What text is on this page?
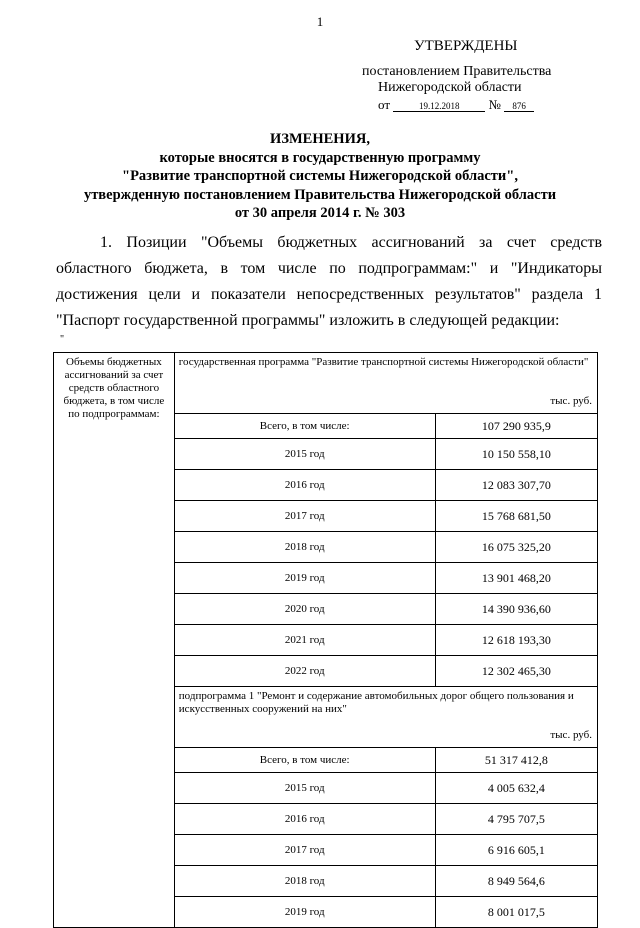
1
УТВЕРЖДЕНЫ
постановлением Правительства
Нижегородской области
от	19.12.2018 № 876
ИЗМЕНЕНИЯ,
которые вносятся в государственную программу
"Развитие транспортной системы Нижегородской области",
утвержденную постановлением Правительства Нижегородской области
от 30 апреля 2014 г. № 303
1. Позиции "Объемы бюджетных ассигнований за счет средств областного бюджета, в том числе по подпрограммам:" и "Индикаторы достижения цели и показатели непосредственных результатов" раздела 1 "Паспорт государственной программы" изложить в следующей редакции:
"
Объемы бюджетных ассигнований за счет средств областного бюджета, в том числе по подпрограммам:	государственная программа "Развитие транспортной системы Нижегородской области"
тыс. руб.	

	Всего, в том числе:	107 290 935,9
	2015 год	10 150 558,10
	2016 год	12 083 307,70
	2017 год	15 768 681,50
	2018 год	16 075 325,20
	2019 год	13 901 468,20
	2020 год	14 390 936,60
	2021 год	12 618 193,30
	2022 год	12 302 465,30

	подпрограмма 1 "Ремонт и содержание автомобильных дорог общего пользования и искусственных сооружений на них"
тыс. руб.	

	Всего, в том числе:	51 317 412,8
	2015 год	4 005 632,4
	2016 год	4 795 707,5
	2017 год	6 916 605,1
	2018 год	8 949 564,6
	2019 год	8 001 017,5
